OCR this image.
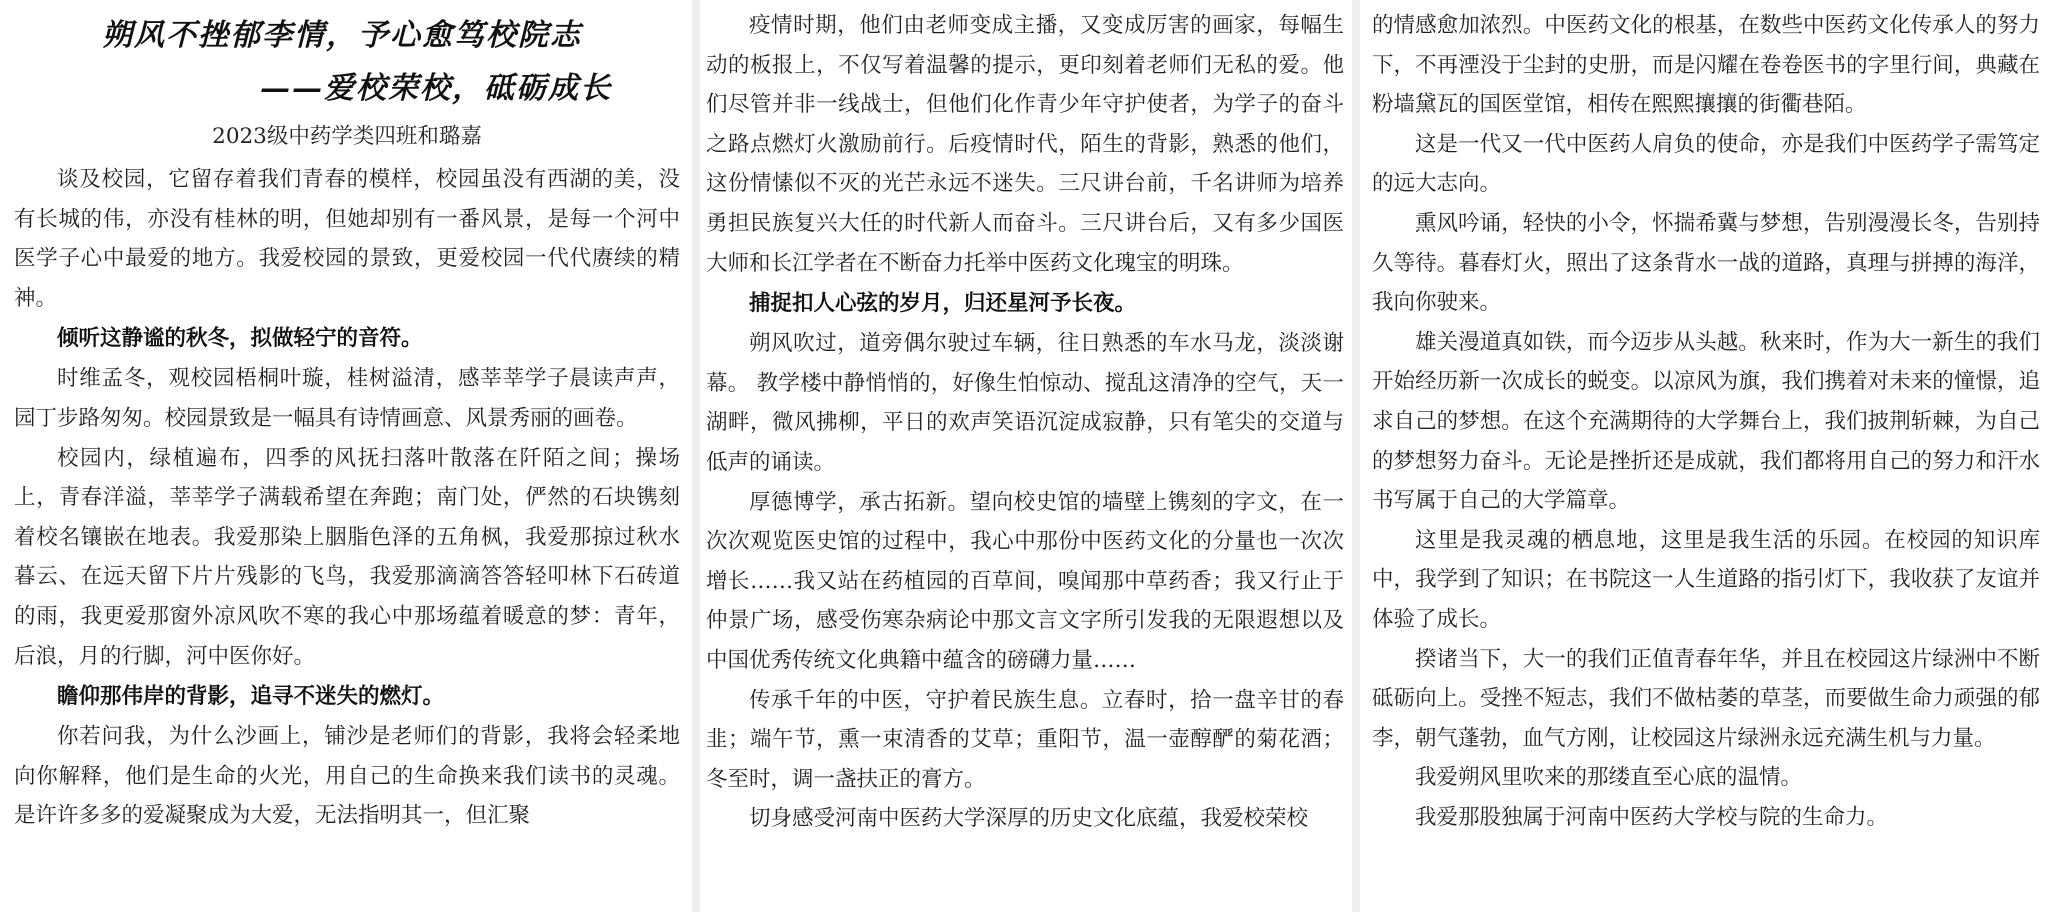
朔风不挫郁李情，予心愈笃校院志
——爱校荣校，砥砺成长
2023级中药学类四班和璐嘉

谈及校园，它留存着我们青春的模样，校园虽没有西湖的美，没有长城的伟，亦没有桂林的明，但她却别有一番风景，是每一个河中医学子心中最爱的地方。我爱校园的景致，更爱校园一代代赓续的精神。

倾听这静谧的秋冬，拟做轻宁的音符。

时维孟冬，观校园梧桐叶璇，桂树溢清，感莘莘学子晨读声声，园丁步路匆匆。校园景致是一幅具有诗情画意、风景秀丽的画卷。

校园内，绿植遍布，四季的风抚扫落叶散落在阡陌之间；操场上，青春洋溢，莘莘学子满载希望在奔跑；南门处，俨然的石块镌刻着校名镶嵌在地表。我爱那染上胭脂色泽的五角枫，我爱那掠过秋水暮云、在远天留下片片残影的飞鸟，我爱那滴滴答答轻叩林下石砖道的雨，我更爱那窗外凉风吹不寒的我心中那场蕴着暖意的梦：青年，后浪，月的行脚，河中医你好。

瞻仰那伟岸的背影，追寻不迷失的燃灯。

你若问我，为什么沙画上，铺沙是老师们的背影，我将会轻柔地向你解释，他们是生命的火光，用自己的生命换来我们读书的灵魂。是许许多多的爱凝聚成为大爱，无法指明其一，但汇聚

疫情时期，他们由老师变成主播，又变成厉害的画家，每幅生动的板报上，不仅写着温馨的提示，更印刻着老师们无私的爱。他们尽管并非一线战士，但他们化作青少年守护使者，为学子的奋斗之路点燃灯火激励前行。后疫情时代，陌生的背影，熟悉的他们，这份情愫似不灭的光芒永远不迷失。三尺讲台前，千名讲师为培养勇担民族复兴大任的时代新人而奋斗。三尺讲台后，又有多少国医大师和长江学者在不断奋力托举中医药文化瑰宝的明珠。

捕捉扣人心弦的岁月，归还星河予长夜。

朔风吹过，道旁偶尔驶过车辆，往日熟悉的车水马龙，淡淡谢幕。 教学楼中静悄悄的，好像生怕惊动、搅乱这清净的空气，天一湖畔，微风拂柳，平日的欢声笑语沉淀成寂静，只有笔尖的交道与低声的诵读。

厚德博学，承古拓新。望向校史馆的墙壁上镌刻的字文，在一次次观览医史馆的过程中，我心中那份中医药文化的分量也一次次增长……我又站在药植园的百草间，嗅闻那中草药香；我又行止于仲景广场，感受伤寒杂病论中那文言文字所引发我的无限遐想以及中国优秀传统文化典籍中蕴含的磅礴力量……

传承千年的中医，守护着民族生息。立春时，拾一盘辛甘的春韭；端午节，熏一束清香的艾草；重阳节，温一壶醇酽的菊花酒；冬至时，调一盏扶正的膏方。

切身感受河南中医药大学深厚的历史文化底蕴，我爱校荣校

的情感愈加浓烈。中医药文化的根基，在数些中医药文化传承人的努力下，不再湮没于尘封的史册，而是闪耀在卷卷医书的字里行间，典藏在粉墙黛瓦的国医堂馆，相传在熙熙攘攘的街衢巷陌。

这是一代又一代中医药人肩负的使命，亦是我们中医药学子需笃定的远大志向。

熏风吟诵，轻快的小令，怀揣希冀与梦想，告别漫漫长冬，告别持久等待。暮春灯火，照出了这条背水一战的道路，真理与拼搏的海洋，我向你驶来。

雄关漫道真如铁，而今迈步从头越。秋来时，作为大一新生的我们开始经历新一次成长的蜕变。以凉风为旗，我们携着对未来的憧憬，追求自己的梦想。在这个充满期待的大学舞台上，我们披荆斩棘，为自己的梦想努力奋斗。无论是挫折还是成就，我们都将用自己的努力和汗水书写属于自己的大学篇章。

这里是我灵魂的栖息地，这里是我生活的乐园。在校园的知识库中，我学到了知识；在书院这一人生道路的指引灯下，我收获了友谊并体验了成长。

揆诸当下，大一的我们正值青春年华，并且在校园这片绿洲中不断砥砺向上。受挫不短志，我们不做枯萎的草茎，而要做生命力顽强的郁李，朝气蓬勃，血气方刚，让校园这片绿洲永远充满生机与力量。

我爱朔风里吹来的那缕直至心底的温情。

我爱那股独属于河南中医药大学校与院的生命力。
